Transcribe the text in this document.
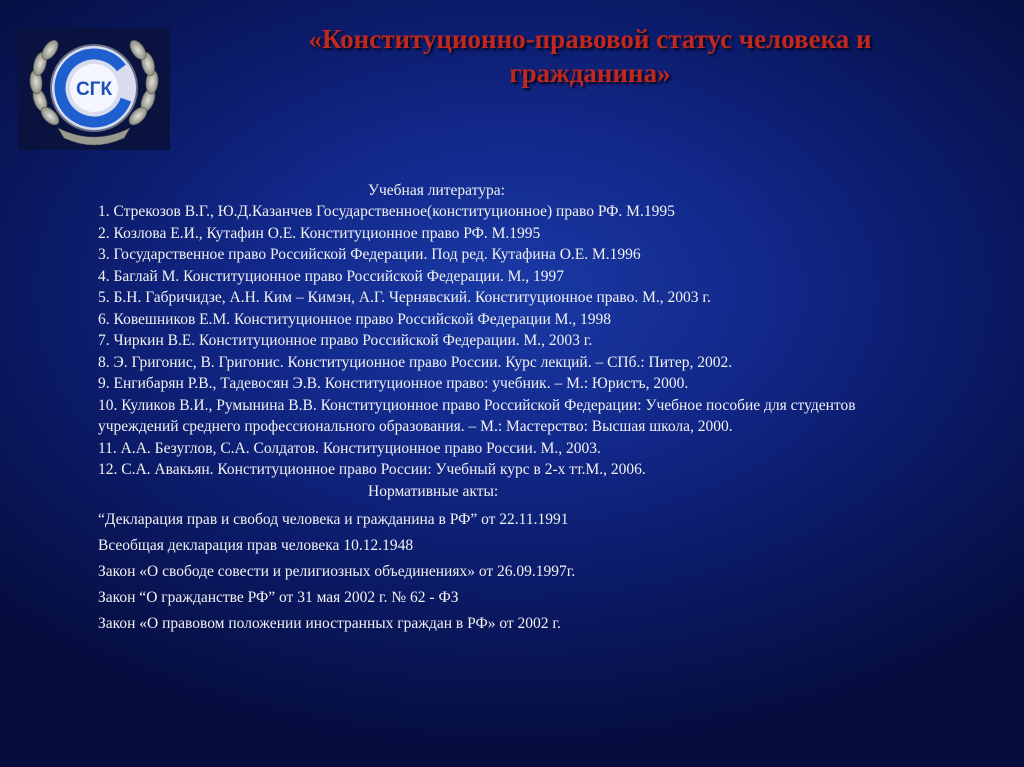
СГК
«Конституционно-правовой статус человека и
гражданина»
Учебная литература:
1. Стрекозов В.Г., Ю.Д.Казанчев Государственное(конституционное) право РФ. М.1995
2. Козлова Е.И., Кутафин О.Е. Конституционное право РФ. М.1995
3. Государственное право Российской Федерации. Под ред. Кутафина О.Е. М.1996
4. Баглай М. Конституционное право Российской Федерации. М., 1997
5. Б.Н. Габричидзе, А.Н. Ким – Кимэн, А.Г. Чернявский. Конституционное право. М., 2003 г.
6. Ковешников Е.М. Конституционное право Российской Федерации М., 1998
7. Чиркин В.Е. Конституционное право Российской Федерации. М., 2003 г.
8. Э. Григонис, В. Григонис. Конституционное право России. Курс лекций. – СПб.: Питер, 2002.
9. Енгибарян Р.В., Тадевосян Э.В. Конституционное право: учебник. – М.: Юристъ, 2000.
10. Куликов В.И., Румынина В.В. Конституционное право Российской Федерации: Учебное пособие для студентов учреждений среднего профессионального образования. – М.: Мастерство: Высшая школа, 2000.
11. А.А. Безуглов, С.А. Солдатов. Конституционное право России. М., 2003.
12. С.А. Авакьян. Конституционное право России: Учебный курс в 2-х тт.М., 2006.
Нормативные акты:
“Декларация прав и свобод человека и гражданина в РФ” от 22.11.1991
Всеобщая декларация прав человека 10.12.1948
Закон «О свободе совести и религиозных объединениях» от 26.09.1997г.
Закон “О гражданстве РФ” от 31 мая 2002 г. № 62 - ФЗ
Закон «О правовом положении иностранных граждан в РФ» от 2002 г.
